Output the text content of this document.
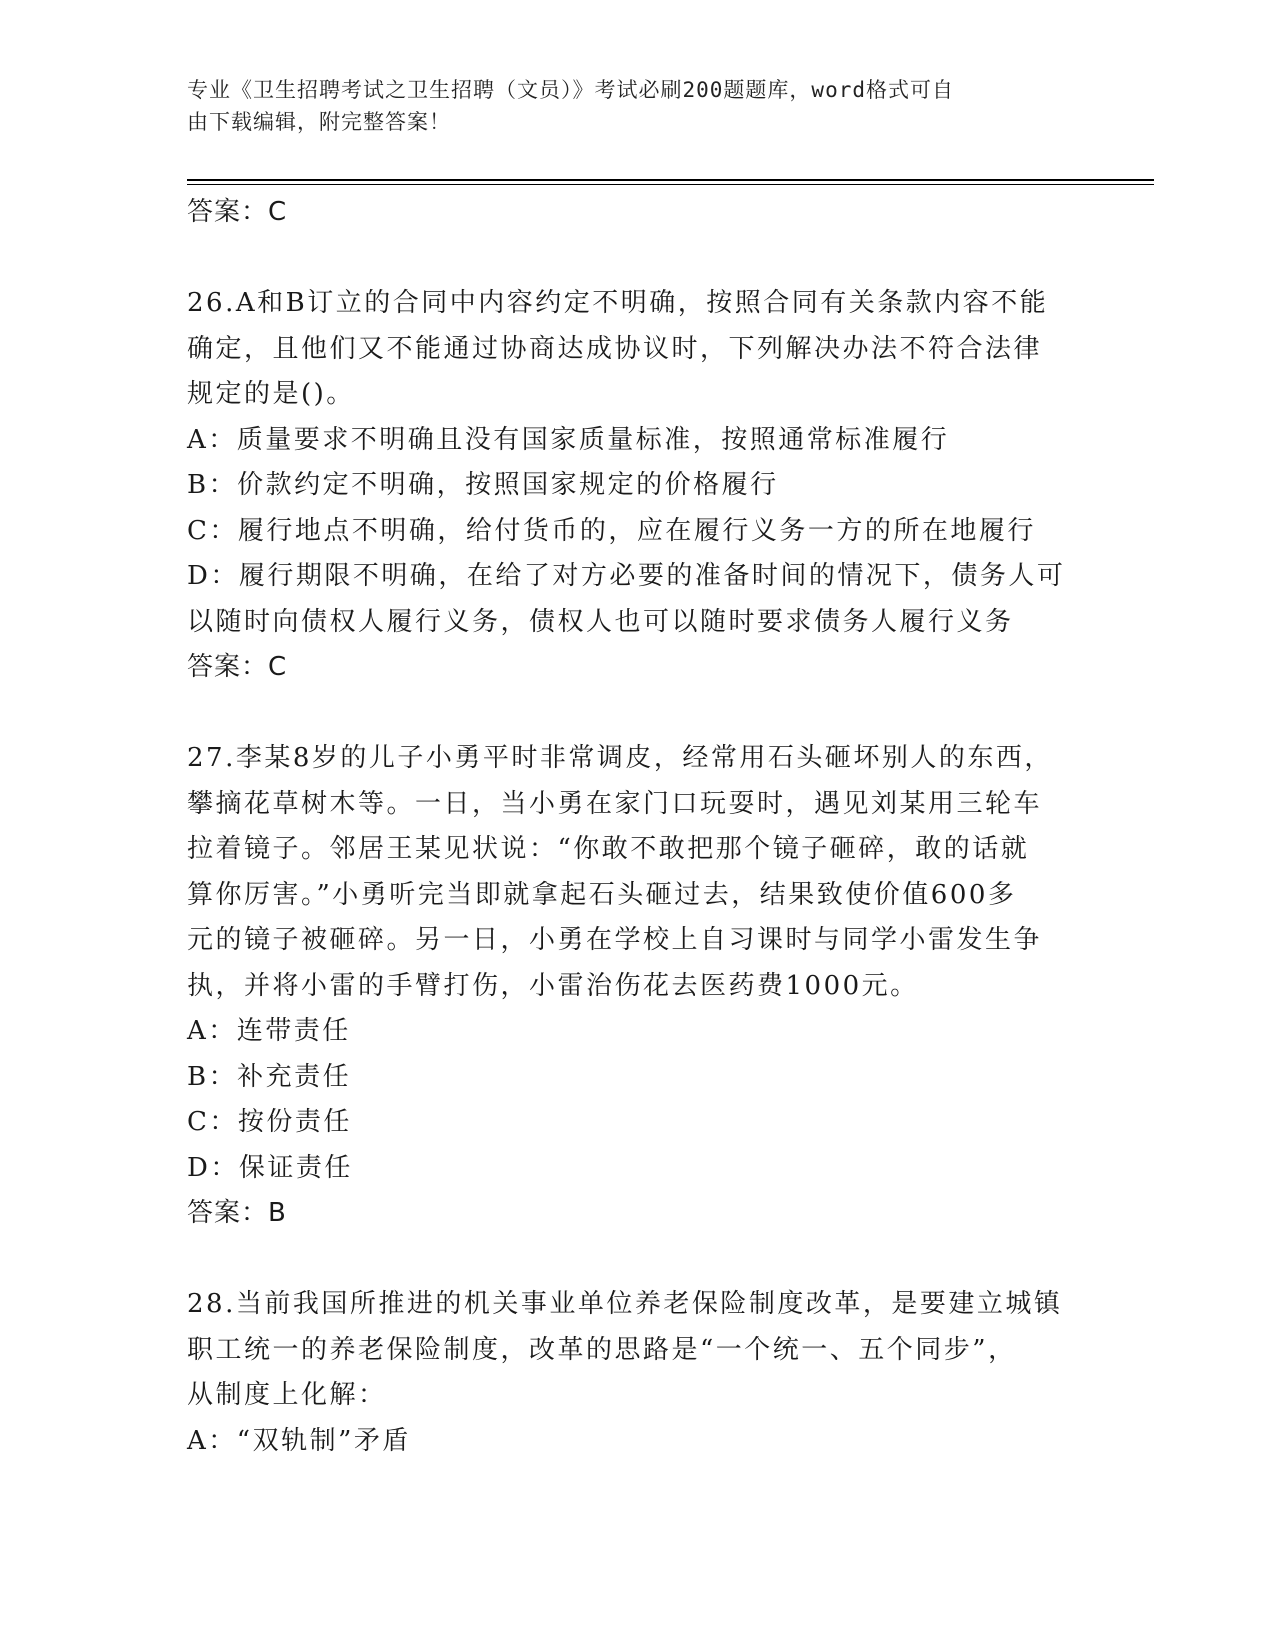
专业《卫生招聘考试之卫生招聘（文员）》考试必刷200题题库，word格式可自
由下载编辑，附完整答案！
答案：C
26.A和B订立的合同中内容约定不明确，按照合同有关条款内容不能
确定，且他们又不能通过协商达成协议时，下列解决办法不符合法律
规定的是()。
A：质量要求不明确且没有国家质量标准，按照通常标准履行
B：价款约定不明确，按照国家规定的价格履行
C：履行地点不明确，给付货币的，应在履行义务一方的所在地履行
D：履行期限不明确，在给了对方必要的准备时间的情况下，债务人可
以随时向债权人履行义务，债权人也可以随时要求债务人履行义务
答案：C
27.李某8岁的儿子小勇平时非常调皮，经常用石头砸坏别人的东西，
攀摘花草树木等。一日，当小勇在家门口玩耍时，遇见刘某用三轮车
拉着镜子。邻居王某见状说：“你敢不敢把那个镜子砸碎，敢的话就
算你厉害。”小勇听完当即就拿起石头砸过去，结果致使价值600多
元的镜子被砸碎。另一日，小勇在学校上自习课时与同学小雷发生争
执，并将小雷的手臂打伤，小雷治伤花去医药费1000元。
A：连带责任
B：补充责任
C：按份责任
D：保证责任
答案：B
28.当前我国所推进的机关事业单位养老保险制度改革，是要建立城镇
职工统一的养老保险制度，改革的思路是“一个统一、五个同步”，
从制度上化解：
A：“双轨制”矛盾
